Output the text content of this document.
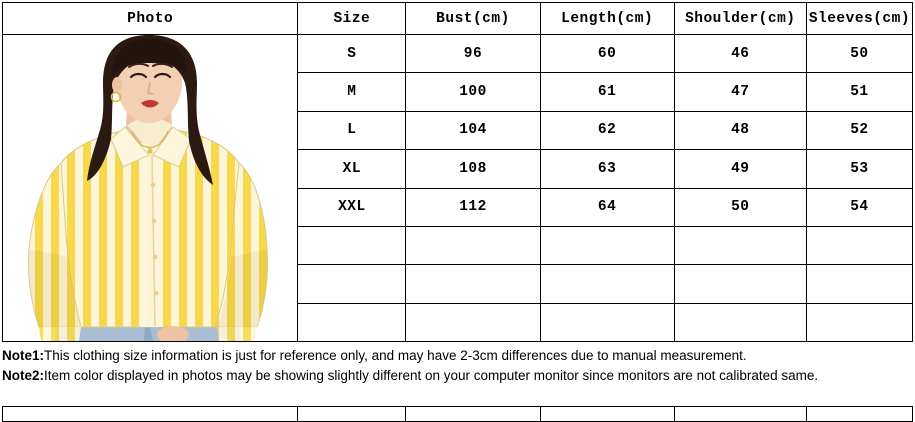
Photo	Size	Bust(cm)	Length(cm)	Shoulder(cm)	Sleeves(cm)

	S	96	60	46	50
	M	100	61	47	51
	L	104	62	48	52
	XL	108	63	49	53
	XXL	112	64	50	54

Note1:This clothing size information is just for reference only, and may have 2-3cm differences due to manual measurement.
Note2:Item color displayed in photos may be showing slightly different on your computer monitor since monitors are not calibrated same.
